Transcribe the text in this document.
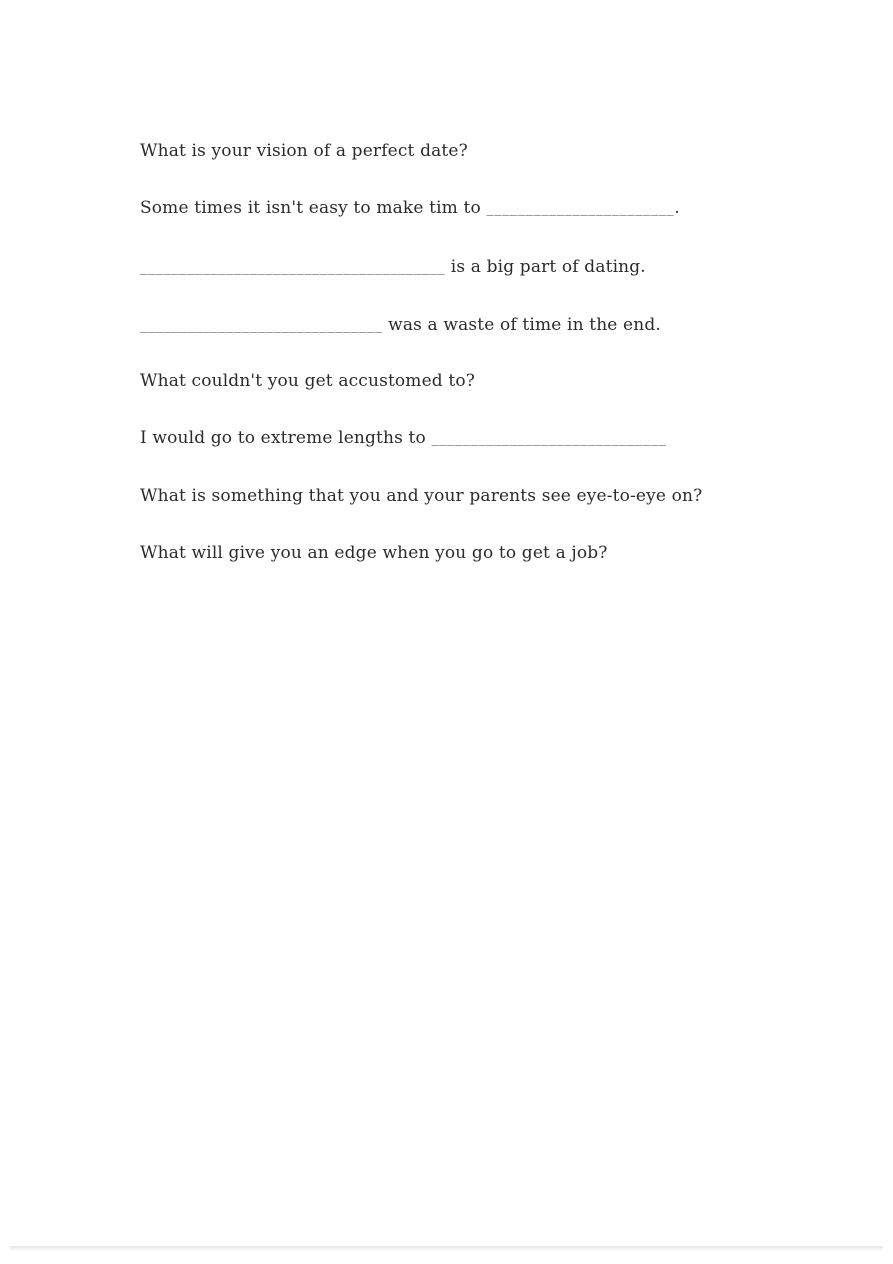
What is your vision of a perfect date?
Some times it isn't easy to make tim to ________________________.
_______________________________________ is a big part of dating.
_______________________________ was a waste of time in the end.
What couldn't you get accustomed to?
I would go to extreme lengths to ______________________________
What is something that you and your parents see eye-to-eye on?
What will give you an edge when you go to get a job?
